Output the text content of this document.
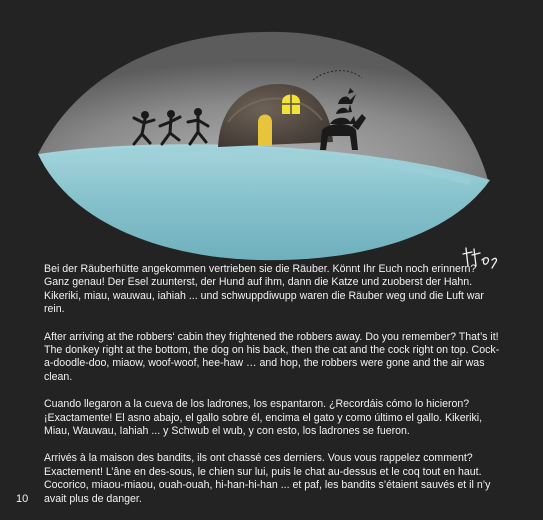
Bei der Räuberhütte angekommen vertrieben sie die Räuber. Könnt Ihr Euch noch erinnern? Ganz genau! Der Esel zuunterst, der Hund auf ihm, dann die Katze und zuoberst der Hahn. Kikeriki, miau, wauwau, iahiah ... und schwuppdiwupp waren die Räuber weg und die Luft war rein.

After arriving at the robbers‘ cabin they frightened the robbers away. Do you remember? That’s it! The donkey right at the bottom, the dog on his back, then the cat and the cock right on top. Cock-a-doodle-doo, miaow, woof-woof, hee-haw … and hop, the robbers were gone and the air was clean.

Cuando llegaron a la cueva de los ladrones, los espantaron. ¿Recordáis cómo lo hicieron? ¡Exactamente! El asno abajo, el gallo sobre él, encima el gato y como último el gallo. Kikeriki, Miau, Wauwau, Iahiah ... y Schwub el wub, y con esto, los ladrones se fueron.

Arrivés à la maison des bandits, ils ont chassé ces derniers. Vous vous rappelez comment? Exactement! L’âne en des-sous, le chien sur lui, puis le chat au-dessus et le coq tout en haut. Cocorico, miaou-miaou, ouah-ouah, hi-han-hi-han ... et paf, les bandits s’étaient sauvés et il n’y avait plus de danger.

10
